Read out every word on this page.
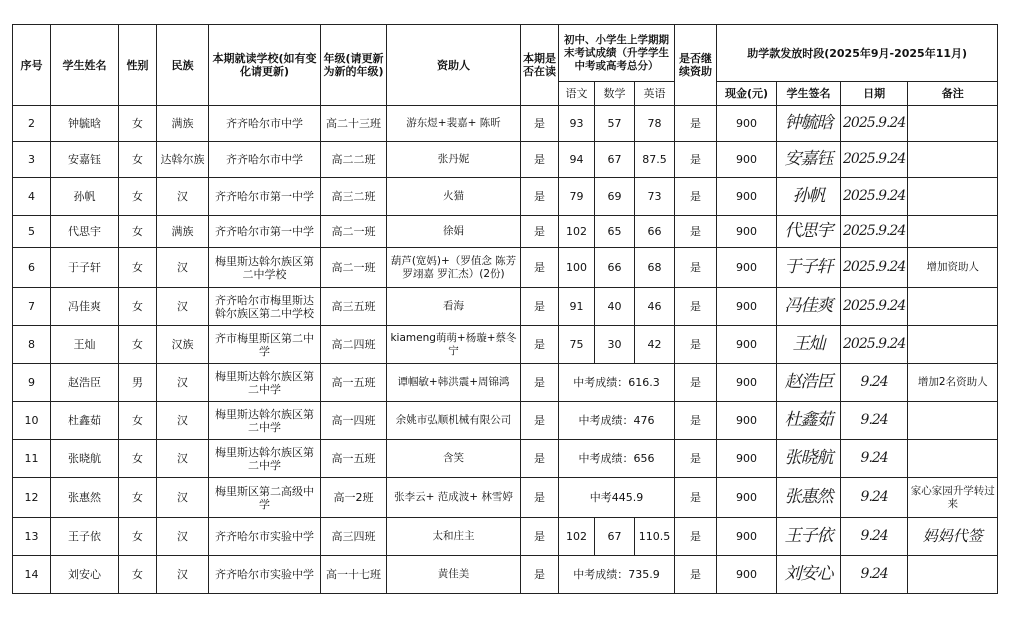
序号	学生姓名	性别	民族	本期就读学校(如有变化请更新)	年级(请更新为新的年级)	资助人	本期是否在读	初中、小学生上学期期末考试成绩（升学学生中考或高考总分）			是否继续资助	助学款发放时段(2025年9月-2025年11月)			
								语文	数学	英语		现金(元)	学生签名	日期	备注
2	钟毓晗	女	满族	齐齐哈尔市中学	高二十三班	游东煜+裴嘉+ 陈昕	是	93	57	78	是	900	钟毓晗	2025.9.24	
3	安嘉钰	女	达斡尔族	齐齐哈尔市中学	高二二班	张丹妮	是	94	67	87.5	是	900	安嘉钰	2025.9.24	
4	孙帆	女	汉	齐齐哈尔市第一中学	高三二班	火猫	是	79	69	73	是	900	孙帆	2025.9.24	
5	代思宇	女	满族	齐齐哈尔市第一中学	高二一班	徐娟	是	102	65	66	是	900	代思宇	2025.9.24	
6	于子轩	女	汉	梅里斯达斡尔族区第二中学校	高二一班	葫芦(宽妈)+（罗值念 陈芳 罗翊嘉 罗汇杰）(2份)	是	100	66	68	是	900	于子轩	2025.9.24	增加资助人
7	冯佳爽	女	汉	齐齐哈尔市梅里斯达斡尔族区第二中学校	高三五班	看海	是	91	40	46	是	900	冯佳爽	2025.9.24	
8	王灿	女	汉族	齐市梅里斯区第二中学	高二四班	kiameng萌萌+杨璇+蔡冬宁	是	75	30	42	是	900	王灿	2025.9.24	
9	赵浩臣	男	汉	梅里斯达斡尔族区第二中学	高一五班	谭帼敏+韩洪震+周锦鸿	是	中考成绩：616.3			是	900	赵浩臣	9.24	增加2名资助人
10	杜鑫茹	女	汉	梅里斯达斡尔族区第二中学	高一四班	余姚市弘顺机械有限公司	是	中考成绩：476			是	900	杜鑫茹	9.24	
11	张晓航	女	汉	梅里斯达斡尔族区第二中学	高一五班	含笑	是	中考成绩：656			是	900	张晓航	9.24	
12	张惠然	女	汉	梅里斯区第二高级中学	高一2班	张李云+ 范成波+ 林雪婷	是	中考445.9			是	900	张惠然	9.24	家心家园升学转过来
13	王子依	女	汉	齐齐哈尔市实验中学	高三四班	太和庄主	是	102	67	110.5	是	900	王子依	9.24	妈妈代签
14	刘安心	女	汉	齐齐哈尔市实验中学	高一十七班	黄佳美	是	中考成绩：735.9			是	900	刘安心	9.24	
